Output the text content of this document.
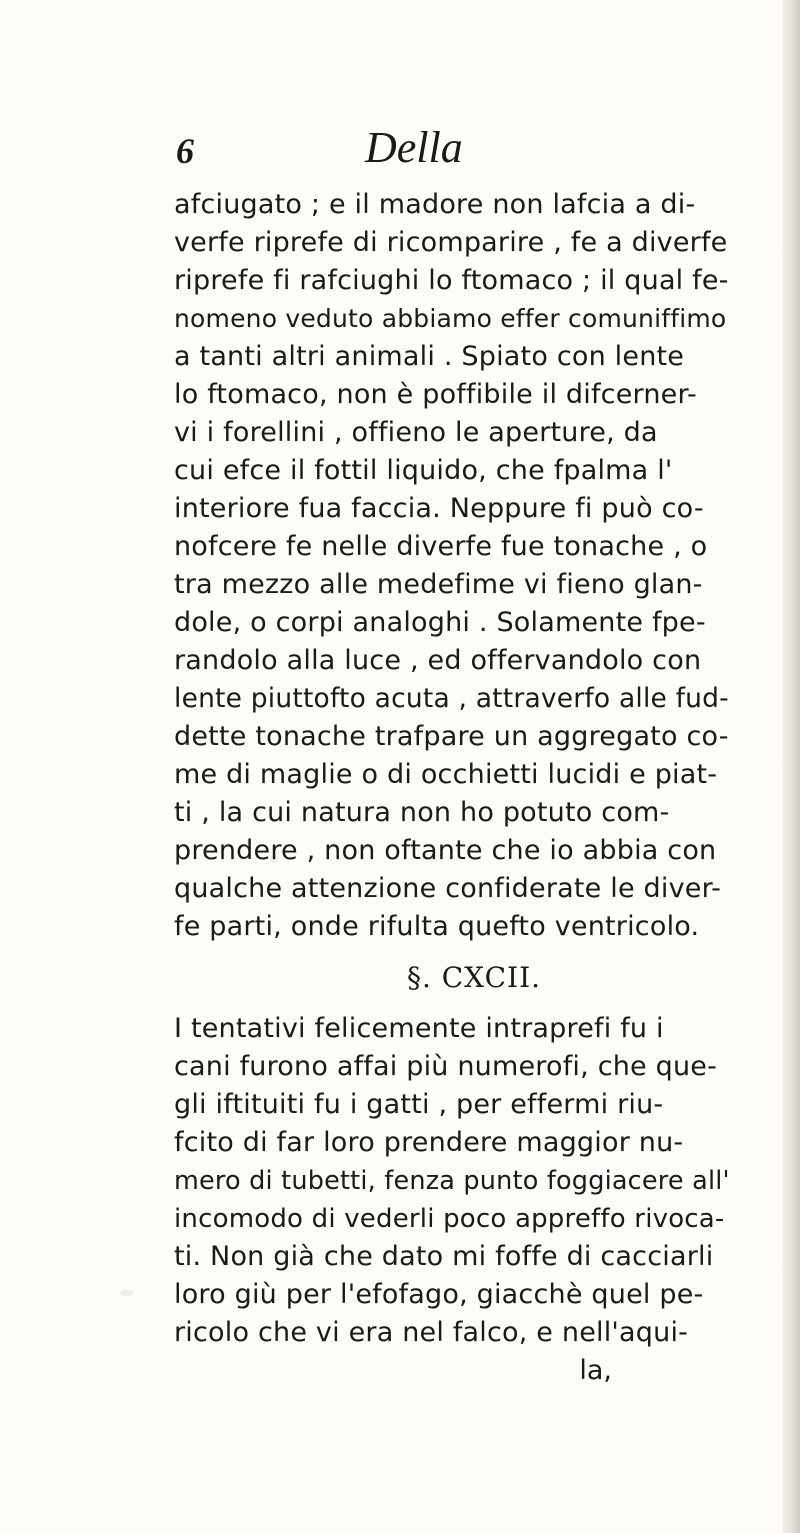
6	Della
afciugato ; e il madore non lafcia a di-
verfe riprefe di ricomparire , fe a diverfe
riprefe fi rafciughi lo ftomaco ; il qual fe-
nomeno veduto abbiamo effer comuniffimo
a tanti altri animali . Spiato con lente
lo ftomaco, non è poffibile il difcerner-
vi i forellini , offieno le aperture, da
cui efce il fottil liquido, che fpalma l'
interiore fua faccia. Neppure fi può co-
nofcere fe nelle diverfe fue tonache , o
tra mezzo alle medefime vi fieno glan-
dole, o corpi analoghi . Solamente fpe-
randolo alla luce , ed offervandolo con
lente piuttofto acuta , attraverfo alle fud-
dette tonache trafpare un aggregato co-
me di maglie o di occhietti lucidi e piat-
ti , la cui natura non ho potuto com-
prendere , non oftante che io abbia con
qualche attenzione confiderate le diver-
fe parti, onde rifulta quefto ventricolo.
§. CXCII.
I tentativi felicemente intraprefi fu i
cani furono affai più numerofi, che que-
gli iftituiti fu i gatti , per effermi riu-
fcito di far loro prendere maggior nu-
mero di tubetti, fenza punto foggiacere all'
incomodo di vederli poco appreffo rivoca-
ti. Non già che dato mi foffe di cacciarli
loro giù per l'efofago, giacchè quel pe-
ricolo che vi era nel falco, e nell'aqui-
la,
